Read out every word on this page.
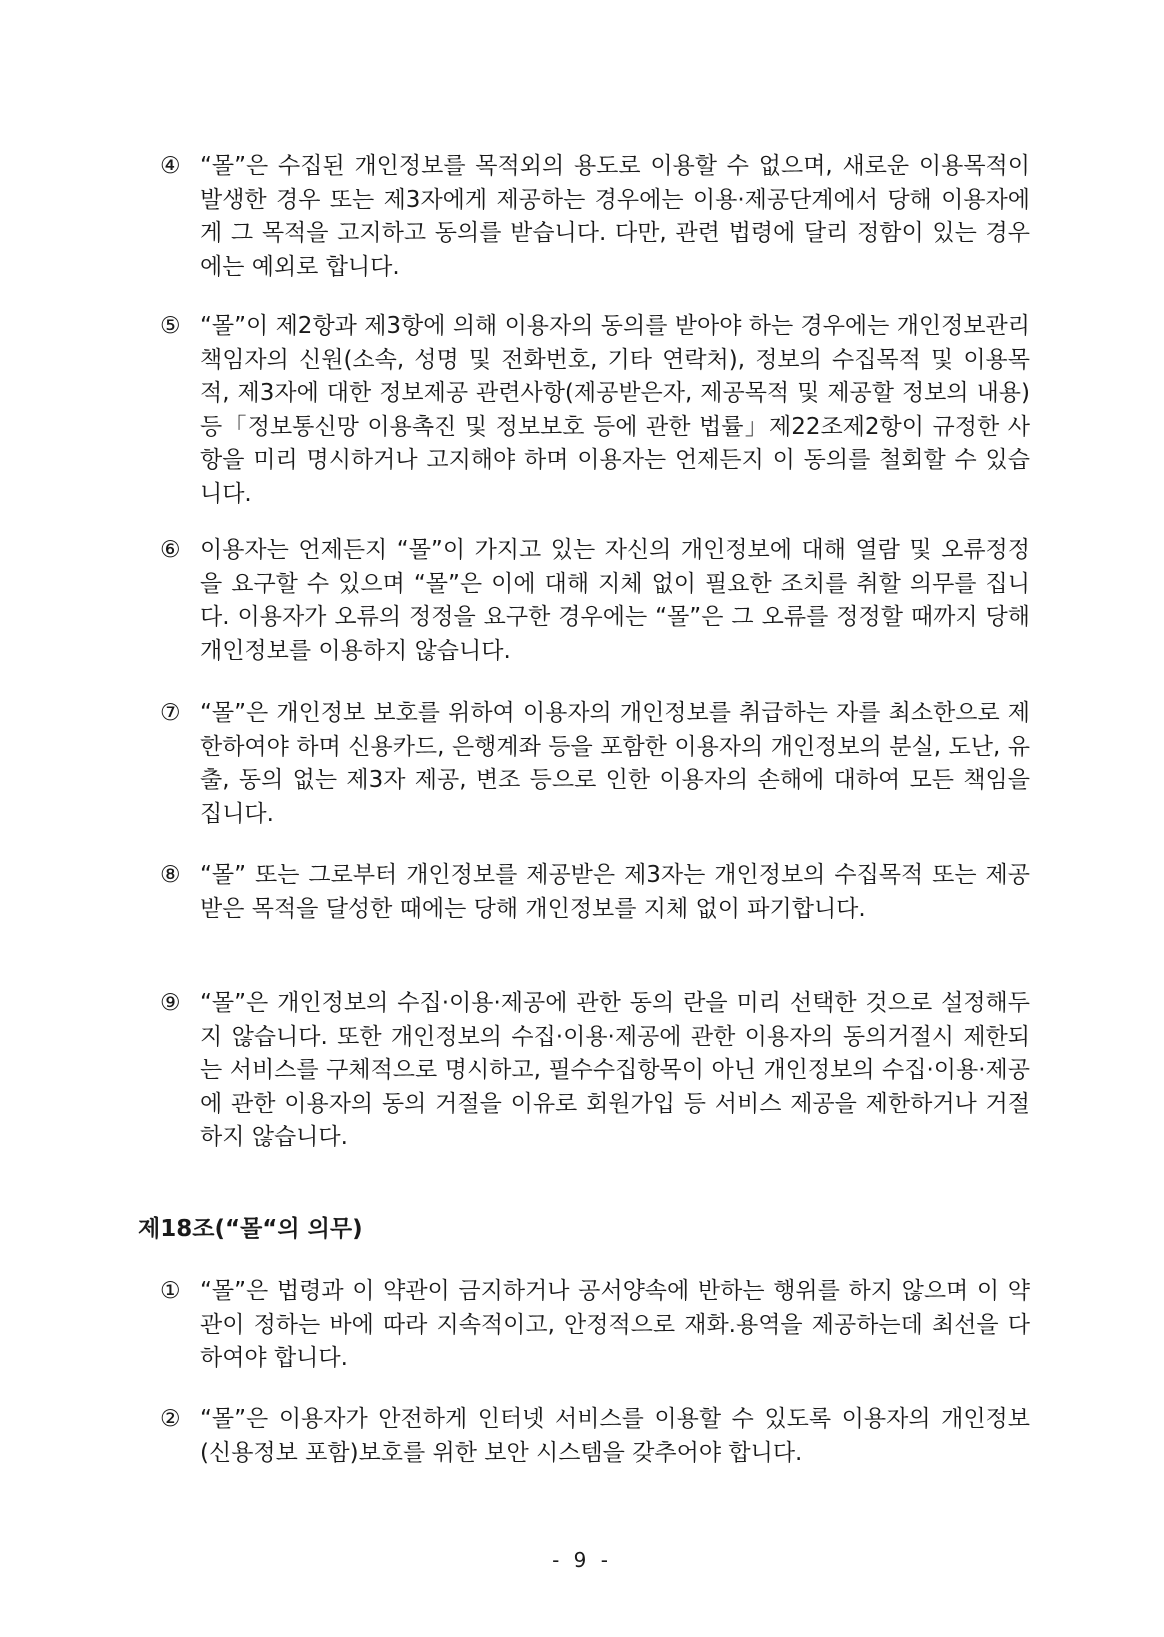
④ “몰”은 수집된 개인정보를 목적외의 용도로 이용할 수 없으며, 새로운 이용목적이 발생한 경우 또는 제3자에게 제공하는 경우에는 이용·제공단계에서 당해 이용자에게 그 목적을 고지하고 동의를 받습니다. 다만, 관련 법령에 달리 정함이 있는 경우에는 예외로 합니다.
⑤ “몰”이 제2항과 제3항에 의해 이용자의 동의를 받아야 하는 경우에는 개인정보관리 책임자의 신원(소속, 성명 및 전화번호, 기타 연락처), 정보의 수집목적 및 이용목적, 제3자에 대한 정보제공 관련사항(제공받은자, 제공목적 및 제공할 정보의 내용) 등「정보통신망 이용촉진 및 정보보호 등에 관한 법률」제22조제2항이 규정한 사항을 미리 명시하거나 고지해야 하며 이용자는 언제든지 이 동의를 철회할 수 있습니다.
⑥ 이용자는 언제든지 “몰”이 가지고 있는 자신의 개인정보에 대해 열람 및 오류정정을 요구할 수 있으며 “몰”은 이에 대해 지체 없이 필요한 조치를 취할 의무를 집니다. 이용자가 오류의 정정을 요구한 경우에는 “몰”은 그 오류를 정정할 때까지 당해 개인정보를 이용하지 않습니다.
⑦ “몰”은 개인정보 보호를 위하여 이용자의 개인정보를 취급하는 자를 최소한으로 제한하여야 하며 신용카드, 은행계좌 등을 포함한 이용자의 개인정보의 분실, 도난, 유출, 동의 없는 제3자 제공, 변조 등으로 인한 이용자의 손해에 대하여 모든 책임을 집니다.
⑧ “몰” 또는 그로부터 개인정보를 제공받은 제3자는 개인정보의 수집목적 또는 제공받은 목적을 달성한 때에는 당해 개인정보를 지체 없이 파기합니다.
⑨ “몰”은 개인정보의 수집·이용·제공에 관한 동의 란을 미리 선택한 것으로 설정해두지 않습니다. 또한 개인정보의 수집·이용·제공에 관한 이용자의 동의거절시 제한되는 서비스를 구체적으로 명시하고, 필수수집항목이 아닌 개인정보의 수집·이용·제공에 관한 이용자의 동의 거절을 이유로 회원가입 등 서비스 제공을 제한하거나 거절하지 않습니다.
제18조(“몰“의 의무)
① “몰”은 법령과 이 약관이 금지하거나 공서양속에 반하는 행위를 하지 않으며 이 약관이 정하는 바에 따라 지속적이고, 안정적으로 재화.용역을 제공하는데 최선을 다하여야 합니다.
② “몰”은 이용자가 안전하게 인터넷 서비스를 이용할 수 있도록 이용자의 개인정보(신용정보 포함)보호를 위한 보안 시스템을 갖추어야 합니다.
- 9 -
